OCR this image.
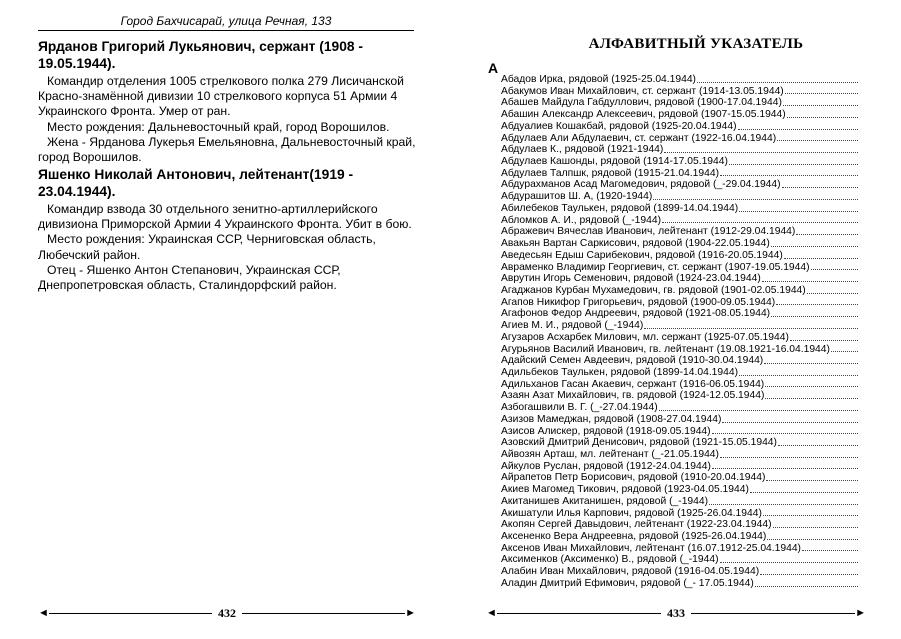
Город Бахчисарай, улица Речная, 133
Ярданов Григорий Лукьянович, сержант (1908 - 19.05.1944).

Командир отделения 1005 стрелкового полка 279 Лисичанской Красно-знамённой дивизии 10 стрелкового корпуса 51 Армии 4 Украинского Фронта. Умер от ран.

Место рождения: Дальневосточный край, город Ворошилов.

Жена - Ярданова Лукерья Емельяновна, Дальневосточный край, город Ворошилов.

Яшенко Николай Антонович, лейтенант(1919 - 23.04.1944).

Командир взвода 30 отдельного зенитно-артиллерийского дивизиона Приморской Армии 4 Украинского Фронта. Убит в бою.

Место рождения: Украинская ССР, Черниговская область, Любечский район.

Отец - Яшенко Антон Степанович, Украинская ССР, Днепропетровская область, Сталиндорфский район.

◄	432	►
АЛФАВИТНЫЙ УКАЗАТЕЛЬ
А
Абадов Ирка, рядовой (1925-25.04.1944)
Абакумов Иван Михайлович, ст. сержант (1914-13.05.1944)
Абашев Майдула Габдуллович, рядовой (1900-17.04.1944)
Абашин Александр Алексеевич, рядовой (1907-15.05.1944)
Абдуалиев Кошакбай, рядовой (1925-20.04.1944)
Абдулаев Али Абдулаевич, ст. сержант (1922-16.04.1944)
Абдулаев К., рядовой (1921-1944)
Абдулаев Кашонды, рядовой (1914-17.05.1944)
Абдулаев Талпшк, рядовой (1915-21.04.1944)
Абдурахманов Асад Магомедович, рядовой (_-29.04.1944)
Абдурашитов Ш. А, (1920-1944)
Абилебеков Таулькен, рядовой (1899-14.04.1944)
Абломков А. И., рядовой (_-1944)
Абражевич Вячеслав Иванович, лейтенант (1912-29.04.1944)
Авакьян Вартан Саркисович, рядовой (1904-22.05.1944)
Аведесьян Едыш Сарибекович, рядовой (1916-20.05.1944)
Авраменко Владимир Георгиевич, ст. сержант (1907-19.05.1944)
Аврутин Игорь Семенович, рядовой (1924-23.04.1944)
Агаджанов Курбан Мухамедович, гв. рядовой (1901-02.05.1944)
Агапов Никифор Григорьевич, рядовой (1900-09.05.1944)
Агафонов Федор Андреевич, рядовой (1921-08.05.1944)
Агиев М. И., рядовой (_-1944)
Агузаров Асхарбек Милович, мл. сержант (1925-07.05.1944)
Агурьянов Василий Иванович, гв. лейтенант (19.08.1921-16.04.1944)
Адайский Семен Авдеевич, рядовой (1910-30.04.1944)
Адильбеков Таулькен, рядовой (1899-14.04.1944)
Адильханов Гасан Акаевич, сержант (1916-06.05.1944)
Азаян Азат Михайлович, гв. рядовой (1924-12.05.1944)
Азбогашвили В. Г. (_-27.04.1944)
Азизов Мамеджан, рядовой (1908-27.04.1944)
Азисов Алискер, рядовой (1918-09.05.1944)
Азовский Дмитрий Денисович, рядовой (1921-15.05.1944)
Айвозян Арташ, мл. лейтенант (_-21.05.1944)
Айкулов Руслан, рядовой (1912-24.04.1944)
Айрапетов Петр Борисович, рядовой (1910-20.04.1944)
Акиев Магомед Тикович, рядовой (1923-04.05.1944)
Акитанишев Акитанишен, рядовой (_-1944)
Акишатули Илья Карпович, рядовой (1925-26.04.1944)
Акопян Сергей Давыдович, лейтенант (1922-23.04.1944)
Аксененко Вера Андреевна, рядовой (1925-26.04.1944)
Аксенов Иван Михайлович, лейтенант (16.07.1912-25.04.1944)
Аксименков (Аксименко) В., рядовой (_-1944)
Алабин Иван Михайлович, рядовой (1916-04.05.1944)
Аладин Дмитрий Ефимович, рядовой (_- 17.05.1944)
◄	433	►
